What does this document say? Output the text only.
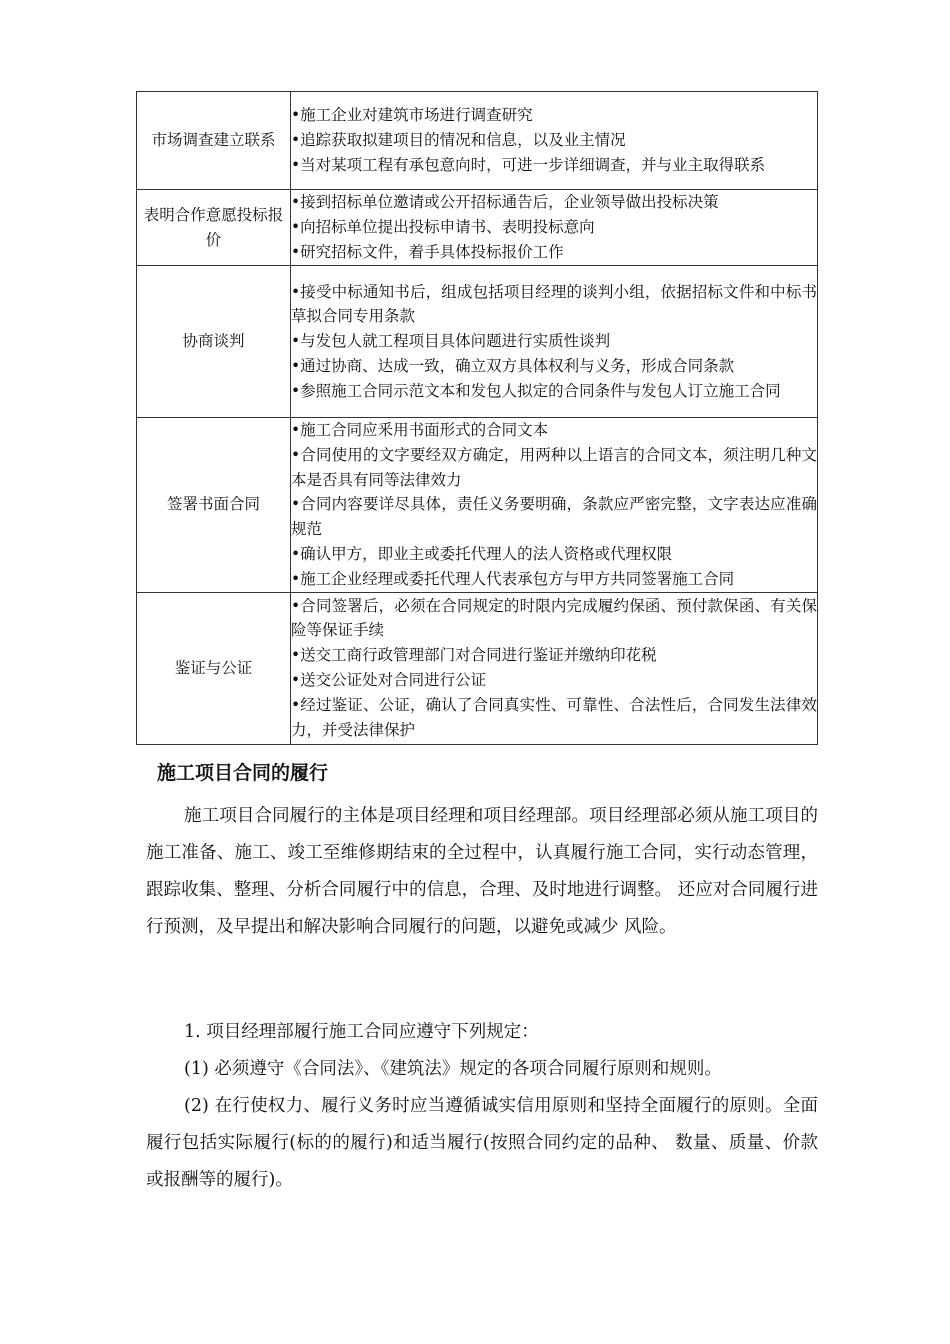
市场调查建立联系	•施工企业对建筑市场进行调查研究
•追踪获取拟建项目的情况和信息，以及业主情况
•当对某项工程有承包意向时，可进一步详细调查，并与业主取得联系

表明合作意愿投标报价	•接到招标单位邀请或公开招标通告后，企业领导做出投标决策
•向招标单位提出投标申请书、表明投标意向
•研究招标文件，着手具体投标报价工作

协商谈判	•接受中标通知书后，组成包括项目经理的谈判小组，依据招标文件和中标书草拟合同专用条款
•与发包人就工程项目具体问题进行实质性谈判
•通过协商、达成一致，确立双方具体权利与义务，形成合同条款
•参照施工合同示范文本和发包人拟定的合同条件与发包人订立施工合同

签署书面合同	•施工合同应釆用书面形式的合同文本
•合同使用的文字要经双方确定，用两种以上语言的合同文本，须注明几种文本是否具有同等法律效力
•合同内容要详尽具体，责任义务要明确，条款应严密完整，文字表达应准确规范
•确认甲方，即业主或委托代理人的法人资格或代理权限
•施工企业经理或委托代理人代表承包方与甲方共同签署施工合同

鉴证与公证	•合同签署后，必须在合同规定的时限内完成履约保函、预付款保函、有关保险等保证手续
•送交工商行政管理部门对合同进行鉴证并缴纳印花税
•送交公证处对合同进行公证
•经过鉴证、公证，确认了合同真实性、可靠性、合法性后，合同发生法律效力，并受法律保护
施工项目合同的履行
施工项目合同履行的主体是项目经理和项目经理部。项目经理部必须从施工项目的施工准备、施工、竣工至维修期结束的全过程中，认真履行施工合同，实行动态管理，跟踪收集、整理、分析合同履行中的信息，合理、及时地进行调整。 还应对合同履行进行预测，及早提出和解决影响合同履行的问题，以避免或减少 风险。
1. 项目经理部履行施工合同应遵守下列规定：
(1) 必须遵守《合同法》、《建筑法》规定的各项合同履行原则和规则。
(2) 在行使权力、履行义务时应当遵循诚实信用原则和坚持全面履行的原则。全面履行包括实际履行(标的的履行)和适当履行(按照合同约定的品种、 数量、质量、价款或报酬等的履行)。
